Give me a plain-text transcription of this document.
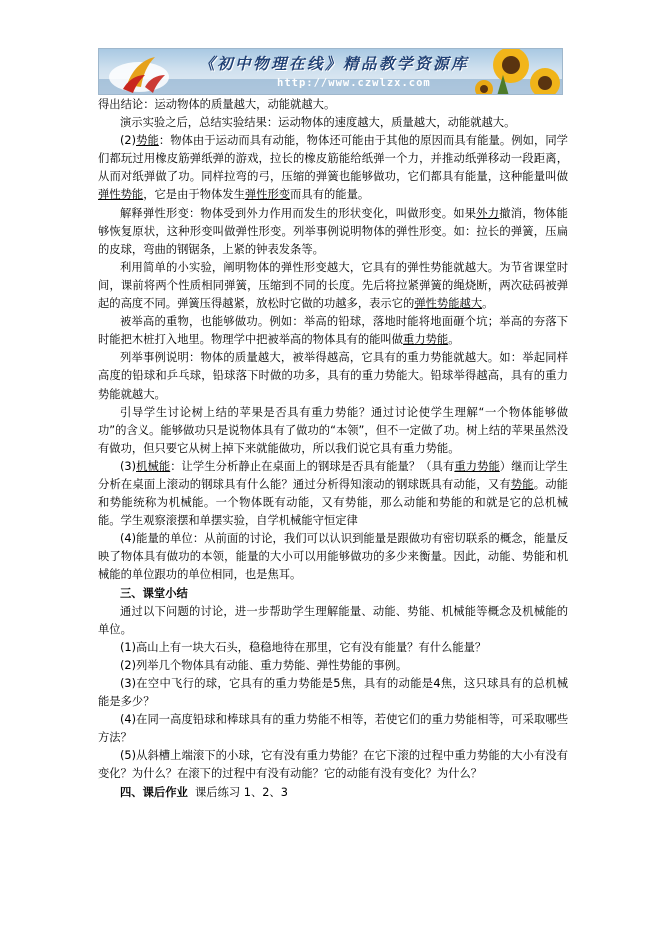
《初中物理在线》精品教学资源库
http://www.czwlzx.com

得出结论：运动物体的质量越大，动能就越大。

演示实验之后，总结实验结果：运动物体的速度越大，质量越大，动能就越大。

(2)势能：物体由于运动而具有动能，物体还可能由于其他的原因而具有能量。例如，同学们都玩过用橡皮筋弹纸弹的游戏，拉长的橡皮筋能给纸弹一个力，并推动纸弹移动一段距离，从而对纸弹做了功。同样拉弯的弓，压缩的弹簧也能够做功，它们都具有能量，这种能量叫做弹性势能，它是由于物体发生弹性形变而具有的能量。

解释弹性形变：物体受到外力作用而发生的形状变化，叫做形变。如果外力撤消，物体能够恢复原状，这种形变叫做弹性形变。列举事例说明物体的弹性形变。如：拉长的弹簧，压扁的皮球，弯曲的钢锯条，上紧的钟表发条等。

利用简单的小实验，阐明物体的弹性形变越大，它具有的弹性势能就越大。为节省课堂时间，课前将两个性质相同弹簧，压缩到不同的长度。先后将拉紧弹簧的绳烧断，两次砝码被弹起的高度不同。弹簧压得越紧，放松时它做的功越多，表示它的弹性势能越大。

被举高的重物，也能够做功。例如：举高的铅球，落地时能将地面砸个坑；举高的夯落下时能把木桩打入地里。物理学中把被举高的物体具有的能叫做重力势能。

列举事例说明：物体的质量越大，被举得越高，它具有的重力势能就越大。如：举起同样高度的铅球和乒乓球，铅球落下时做的功多，具有的重力势能大。铅球举得越高，具有的重力势能就越大。

引导学生讨论树上结的苹果是否具有重力势能？通过讨论使学生理解“一个物体能够做功”的含义。能够做功只是说物体具有了做功的“本领”，但不一定做了功。树上结的苹果虽然没有做功，但只要它从树上掉下来就能做功，所以我们说它具有重力势能。

(3)机械能：让学生分析静止在桌面上的钢球是否具有能量？（具有重力势能）继而让学生分析在桌面上滚动的钢球具有什么能？通过分析得知滚动的钢球既具有动能，又有势能。动能和势能统称为机械能。一个物体既有动能，又有势能，那么动能和势能的和就是它的总机械能。学生观察滚摆和单摆实验，自学机械能守恒定律

(4)能量的单位：从前面的讨论，我们可以认识到能量是跟做功有密切联系的概念，能量反映了物体具有做功的本领，能量的大小可以用能够做功的多少来衡量。因此，动能、势能和机械能的单位跟功的单位相同，也是焦耳。

三、课堂小结

通过以下问题的讨论，进一步帮助学生理解能量、动能、势能、机械能等概念及机械能的单位。

(1)高山上有一块大石头，稳稳地待在那里，它有没有能量？有什么能量？

(2)列举几个物体具有动能、重力势能、弹性势能的事例。

(3)在空中飞行的球，它具有的重力势能是5焦，具有的动能是4焦，这只球具有的总机械能是多少？

(4)在同一高度铅球和棒球具有的重力势能不相等，若使它们的重力势能相等，可采取哪些方法？

(5)从斜槽上端滚下的小球，它有没有重力势能？在它下滚的过程中重力势能的大小有没有变化？为什么？在滚下的过程中有没有动能？它的动能有没有变化？为什么？

四、课后作业 课后练习 1、2、3
